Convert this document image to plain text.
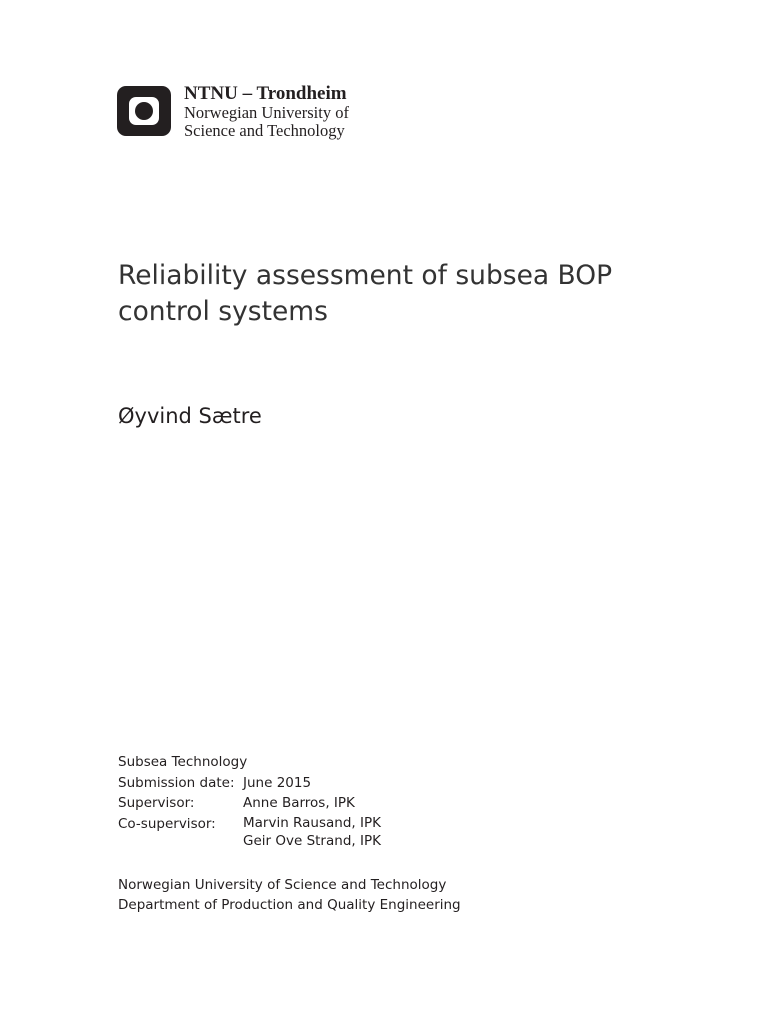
NTNU – Trondheim
Norwegian University of
Science and Technology
Reliability assessment of subsea BOP
control systems
Øyvind Sætre
Subsea Technology
Submission date: June 2015
Supervisor:	Anne Barros, IPK
Co-supervisor:	Marvin Rausand, IPK
Geir Ove Strand, IPK
Norwegian University of Science and Technology
Department of Production and Quality Engineering
